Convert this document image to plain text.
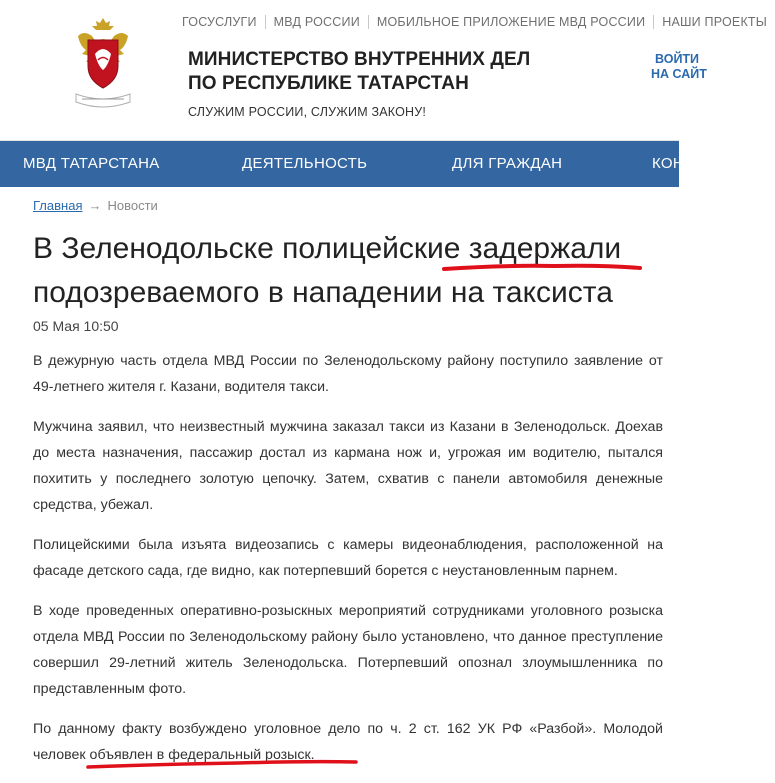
ГОСУСЛУГИ МВД РОССИИ МОБИЛЬНОЕ ПРИЛОЖЕНИЕ МВД РОССИИ НАШИ ПРОЕКТЫ
МИНИСТЕРСТВО ВНУТРЕННИХ ДЕЛ
ПО РЕСПУБЛИКЕ ТАТАРСТАН
СЛУЖИМ РОССИИ, СЛУЖИМ ЗАКОНУ!
ВОЙТИ
НА САЙТ
МВД ТАТАРСТАНА	ДЕЯТЕЛЬНОСТЬ	ДЛЯ ГРАЖДАН	КОНТАКТЫ
Главная → Новости
В Зеленодольске полицейские задержали подозреваемого в нападении на таксиста
05 Мая 10:50

В дежурную часть отдела МВД России по Зеленодольскому району поступило заявление от 49-летнего жителя г. Казани, водителя такси.

Мужчина заявил, что неизвестный мужчина заказал такси из Казани в Зеленодольск. Доехав до места назначения, пассажир достал из кармана нож и, угрожая им водителю, пытался похитить у последнего золотую цепочку. Затем, схватив с панели автомобиля денежные средства, убежал.

Полицейскими была изъята видеозапись с камеры видеонаблюдения, расположенной на фасаде детского сада, где видно, как потерпевший борется с неустановленным парнем.

В ходе проведенных оперативно-розыскных мероприятий сотрудниками уголовного розыска отдела МВД России по Зеленодольскому району было установлено, что данное преступление совершил 29-летний житель Зеленодольска. Потерпевший опознал злоумышленника по представленным фото.

По данному факту возбуждено уголовное дело по ч. 2 ст. 162 УК РФ «Разбой». Молодой человек объявлен в федеральный розыск.
